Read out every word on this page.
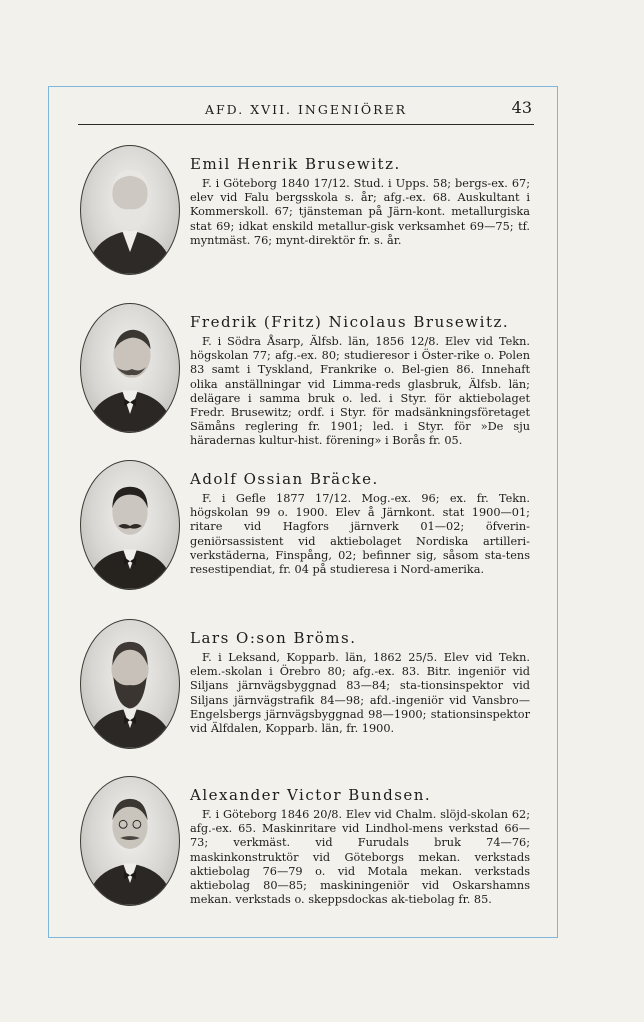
AFD. XVII. INGENIÖRER	43
Emil Henrik Brusewitz.
F. i Göteborg 1840 17/12. Stud. i Upps. 58; bergs-ex. 67; elev vid Falu bergsskola s. år; afg.-ex. 68. Auskultant i Kommerskoll. 67; tjänsteman på Järn-kont. metallurgiska stat 69; idkat enskild metallur-gisk verksamhet 69—75; tf. myntmäst. 76; mynt-direktör fr. s. år.
Fredrik (Fritz) Nicolaus Brusewitz.
F. i Södra Åsarp, Älfsb. län, 1856 12/8. Elev vid Tekn. högskolan 77; afg.-ex. 80; studieresor i Öster-rike o. Polen 83 samt i Tyskland, Frankrike o. Bel-gien 86. Innehaft olika anställningar vid Limma-reds glasbruk, Älfsb. län; delägare i samma bruk o. led. i Styr. för aktiebolaget Fredr. Brusewitz; ordf. i Styr. för madsänkningsföretaget Sämåns reglering fr. 1901; led. i Styr. för »De sju häradernas kultur-hist. förening» i Borås fr. 05.
Adolf Ossian Bräcke.
F. i Gefle 1877 17/12. Mog.-ex. 96; ex. fr. Tekn. högskolan 99 o. 1900. Elev å Järnkont. stat 1900—01; ritare vid Hagfors järnverk 01—02; öfverin-geniörsassistent vid aktiebolaget Nordiska artilleri-verkstäderna, Finspång, 02; befinner sig, såsom sta-tens resestipendiat, fr. 04 på studieresa i Nord-amerika.
Lars O:son Bröms.
F. i Leksand, Kopparb. län, 1862 25/5. Elev vid Tekn. elem.-skolan i Örebro 80; afg.-ex. 83. Bitr. ingeniör vid Siljans järnvägsbyggnad 83—84; sta-tionsinspektor vid Siljans järnvägstrafik 84—98; afd.-ingeniör vid Vansbro—Engelsbergs järnvägsbyggnad 98—1900; stationsinspektor vid Älfdalen, Kopparb. län, fr. 1900.
Alexander Victor Bundsen.
F. i Göteborg 1846 20/8. Elev vid Chalm. slöjd-skolan 62; afg.-ex. 65. Maskinritare vid Lindhol-mens verkstad 66—73; verkmäst. vid Furudals bruk 74—76; maskinkonstruktör vid Göteborgs mekan. verkstads aktiebolag 76—79 o. vid Motala mekan. verkstads aktiebolag 80—85; maskiningeniör vid Oskarshamns mekan. verkstads o. skeppsdockas ak-tiebolag fr. 85.
